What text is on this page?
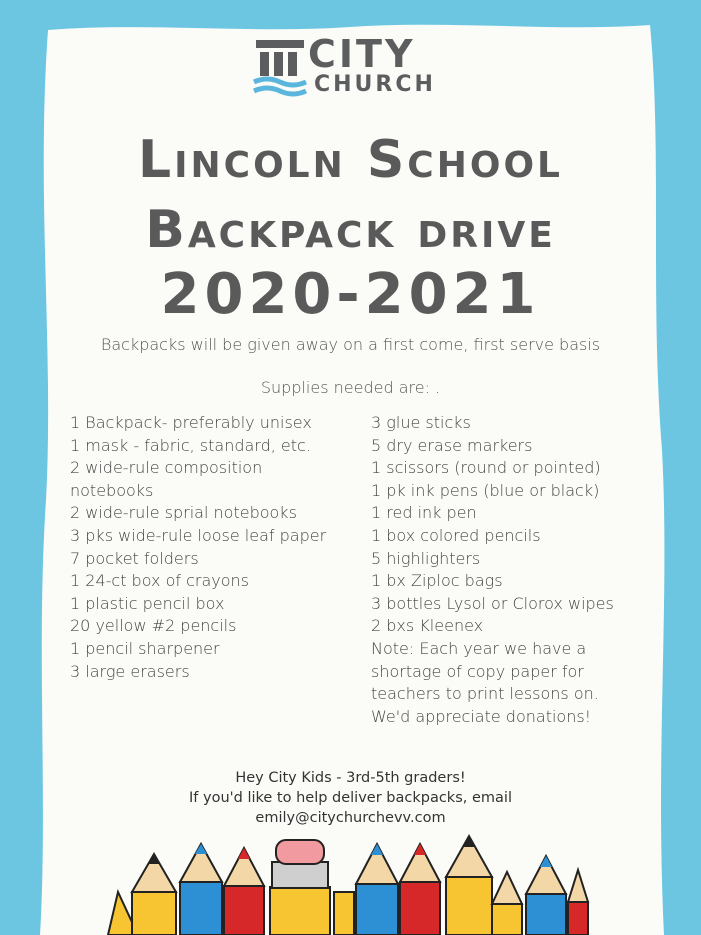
CITY
CHURCH
Lincoln School
Backpack drive
2020-2021
Backpacks will be given away on a first come, first serve basis
Supplies needed are: .
1 Backpack- preferably unisex
1 mask - fabric, standard, etc.
2 wide-rule composition
notebooks
2 wide-rule sprial notebooks
3 pks wide-rule loose leaf paper
7 pocket folders
1 24-ct box of crayons
1 plastic pencil box
20 yellow #2 pencils
1 pencil sharpener
3 large erasers
3 glue sticks
5 dry erase markers
1 scissors (round or pointed)
1 pk ink pens (blue or black)
1 red ink pen
1 box colored pencils
5 highlighters
1 bx Ziploc bags
3 bottles Lysol or Clorox wipes
2 bxs Kleenex
Note: Each year we have a
shortage of copy paper for
teachers to print lessons on.
We'd appreciate donations!
Hey City Kids - 3rd-5th graders!
If you'd like to help deliver backpacks, email
emily@citychurchevv.com
